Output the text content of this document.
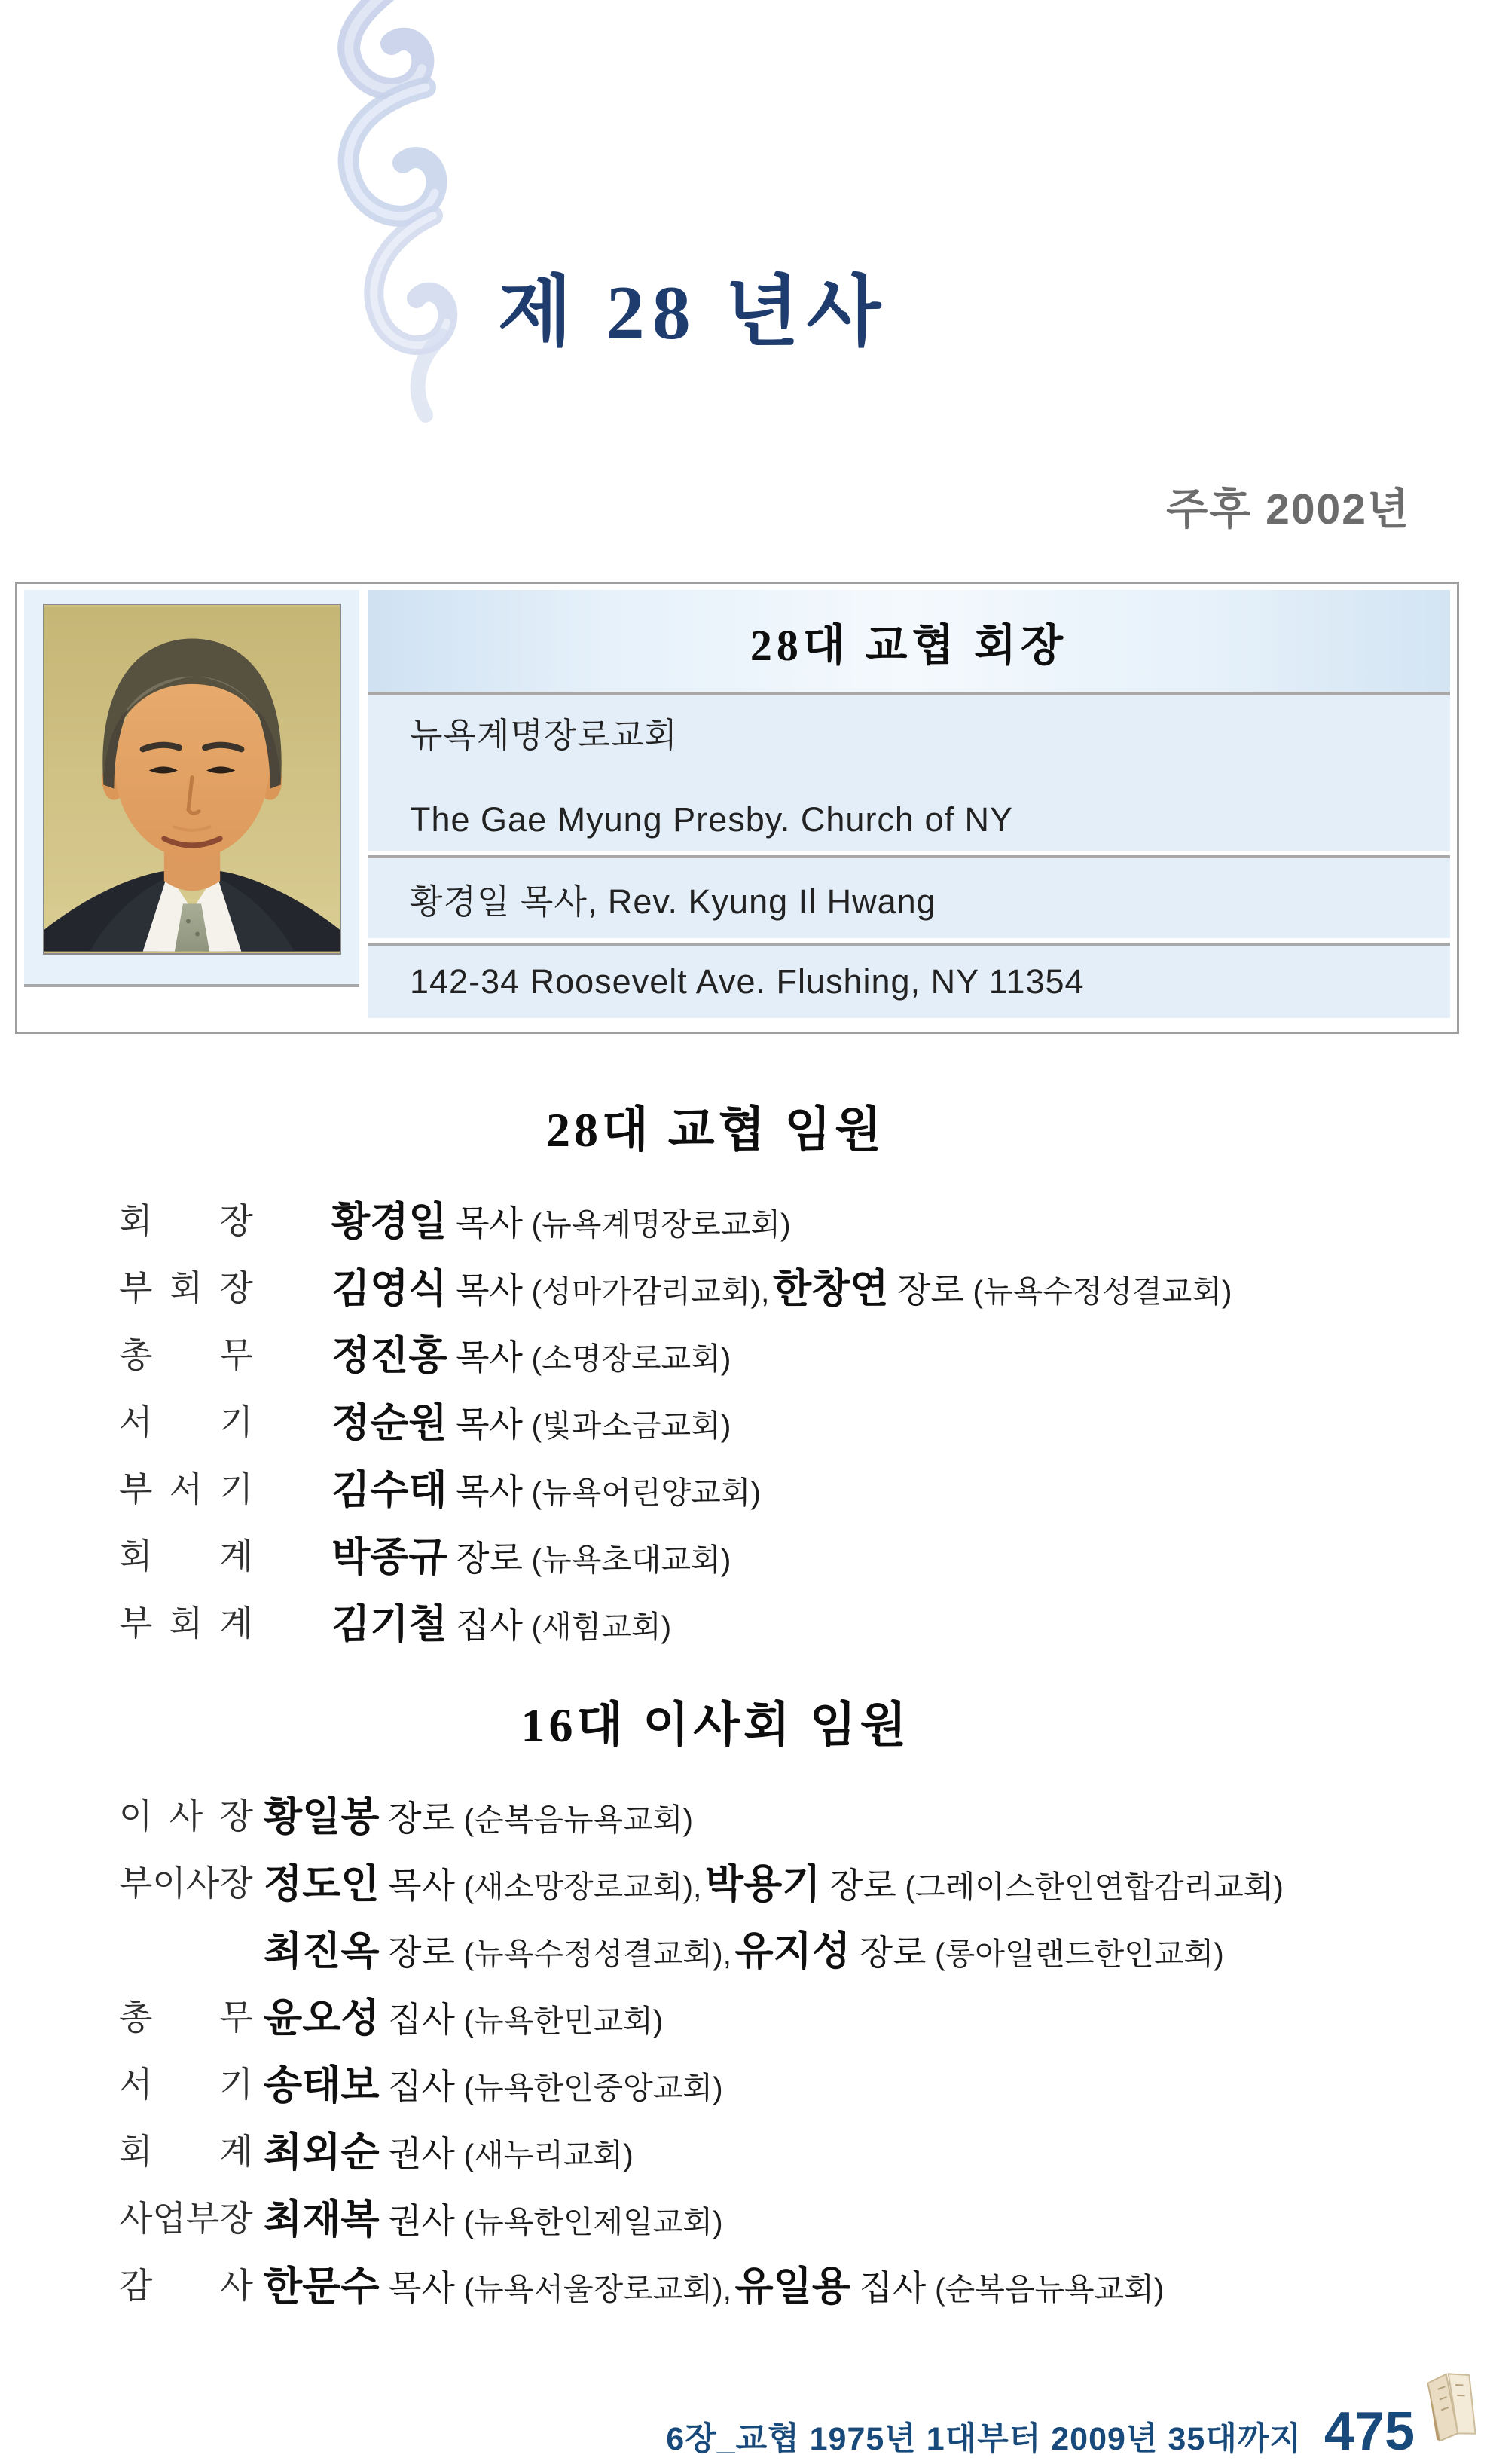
제 28 년사
주후 2002년
28대 교협 회장
뉴욕계명장로교회
The Gae Myung Presby. Church of NY
황경일 목사, Rev. Kyung Il Hwang
142-34 Roosevelt Ave. Flushing, NY 11354
28대 교협 임원
회 장 황경일 목사 (뉴욕계명장로교회)
부 회 장 김영식 목사 (성마가감리교회), 한창연 장로 (뉴욕수정성결교회)
총 무 정진홍 목사 (소명장로교회)
서 기 정순원 목사 (빛과소금교회)
부 서 기 김수태 목사 (뉴욕어린양교회)
회 계 박종규 장로 (뉴욕초대교회)
부 회 계 김기철 집사 (새힘교회)
16대 이사회 임원
이 사 장 황일봉 장로 (순복음뉴욕교회)
부이사장 정도인 목사 (새소망장로교회), 박용기 장로 (그레이스한인연합감리교회)
최진옥 장로 (뉴욕수정성결교회), 유지성 장로 (롱아일랜드한인교회)
총 무 윤오성 집사 (뉴욕한민교회)
서 기 송태보 집사 (뉴욕한인중앙교회)
회 계 최외순 권사 (새누리교회)
사업부장 최재복 권사 (뉴욕한인제일교회)
감 사 한문수 목사 (뉴욕서울장로교회), 유일용 집사 (순복음뉴욕교회)
6장_교협 1975년 1대부터 2009년 35대까지 475
